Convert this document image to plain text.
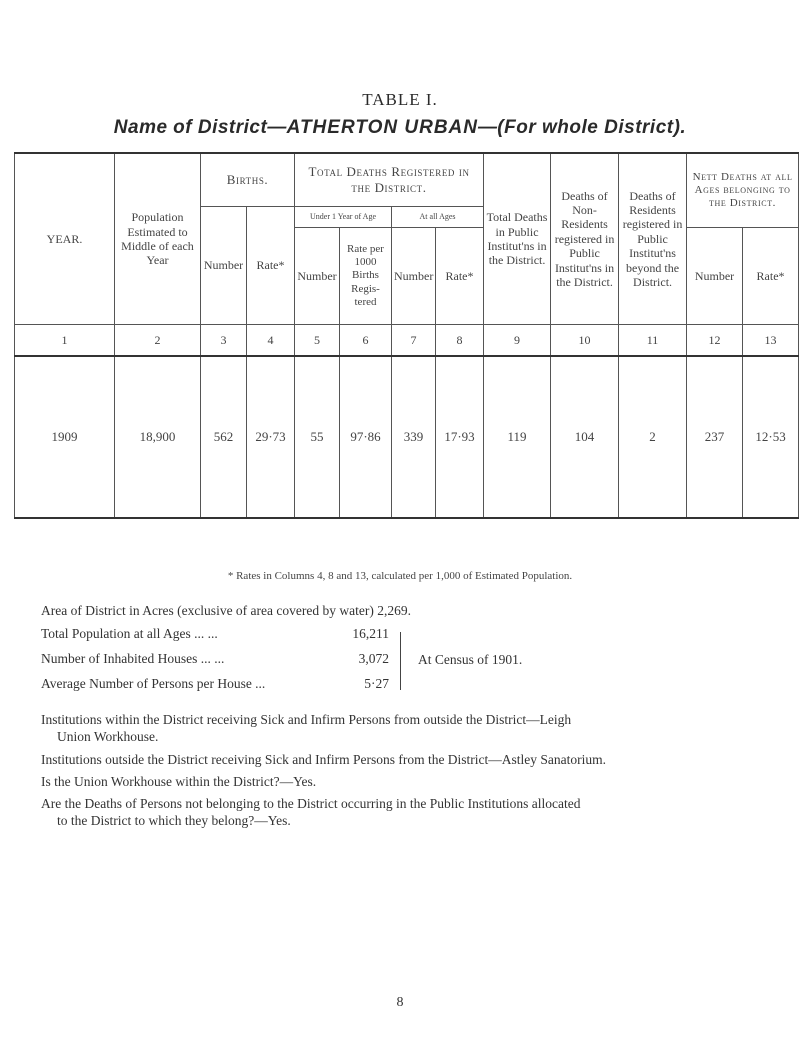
TABLE I.
Name of District—ATHERTON URBAN—(For whole District).
YEAR.	Population Estimated to Middle of each Year	Births.		Total Deaths Registered in the District.				Total Deaths in Public Institut'ns in the District.	Deaths of Non-Residents registered in Public Institut'ns in the District.	Deaths of Residents registered in Public Institut'ns beyond the District.	Nett Deaths at all Ages belonging to the District.	
		Number	Rate*	Under 1 Year of Age		At all Ages						
				Number	Rate per 1000 Births Regis-tered	Number	Rate*				Number	Rate*
1	2	3	4	5	6	7	8	9	10	11	12	13
1909	18,900	562	29·73	55	97·86	339	17·93	119	104	2	237	12·53
* Rates in Columns 4, 8 and 13, calculated per 1,000 of Estimated Population.
Area of District in Acres (exclusive of area covered by water) 2,269.
Total Population at all Ages ... ...	16,211
Number of Inhabited Houses ... ...	3,072
Average Number of Persons per House ...	5·27
At Census of 1901.
Institutions within the District receiving Sick and Infirm Persons from outside the District—Leigh
Union Workhouse.
Institutions outside the District receiving Sick and Infirm Persons from the District—Astley Sanatorium.
Is the Union Workhouse within the District?—Yes.
Are the Deaths of Persons not belonging to the District occurring in the Public Institutions allocated
to the District to which they belong?—Yes.
8
